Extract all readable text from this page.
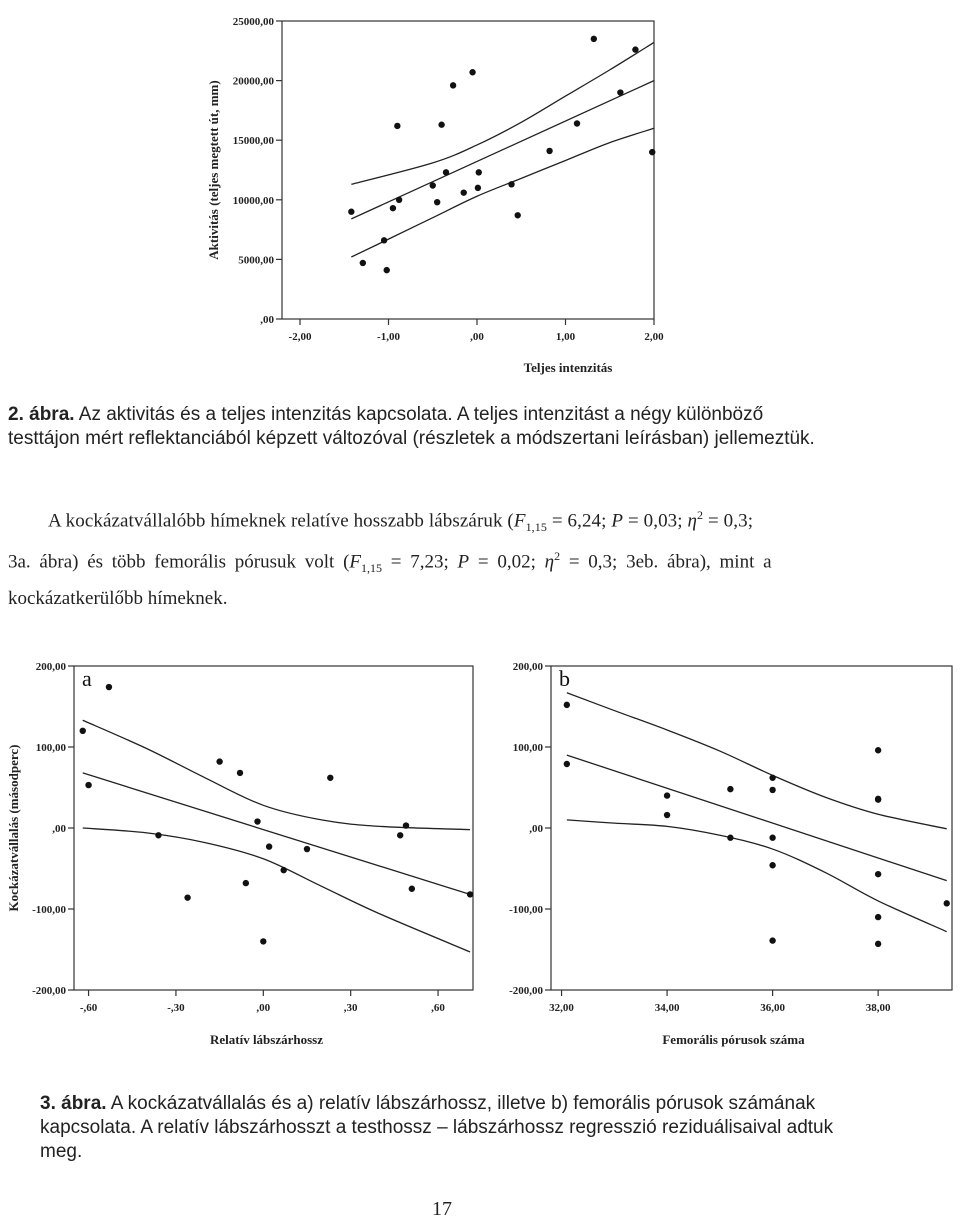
,00
5000,00
10000,00
15000,00
20000,00
25000,00
-2,00	-1,00	,00	1,00	2,00
Teljes intenzitás
Aktivitás (teljes megtett út, mm)
2. ábra. Az aktivitás és a teljes intenzitás kapcsolata. A teljes intenzitást a négy különböző
testtájon mért reflektanciából képzett változóval (részletek a módszertani leírásban) jellemeztük.
A kockázatvállalóbb hímeknek relatíve hosszabb lábszáruk ($F_{1,15} = 6,24$; P = 0,03; $\eta^2 = 0,3$;
3a. ábra) és több femorális pórusuk volt ($F_{1,15} = 7,23$; P = 0,02; $\eta^2 = 0,3$; 3eb. ábra), mint a
kockázatkerülőbb hímeknek.
-200,00
-100,00
,00
100,00
200,00
-,60	-,30	,00	,30	,60
Relatív lábszárhossz
Kockázatvállalás (másodperc)
a
-200,00
-100,00
,00
100,00
200,00
32,00	34,00	36,00	38,00
Femorális pórusok száma
b
3. ábra. A kockázatvállalás és a) relatív lábszárhossz, illetve b) femorális pórusok számának
kapcsolata. A relatív lábszárhosszt a testhossz – lábszárhossz regresszió reziduálisaival adtuk
meg.
17
